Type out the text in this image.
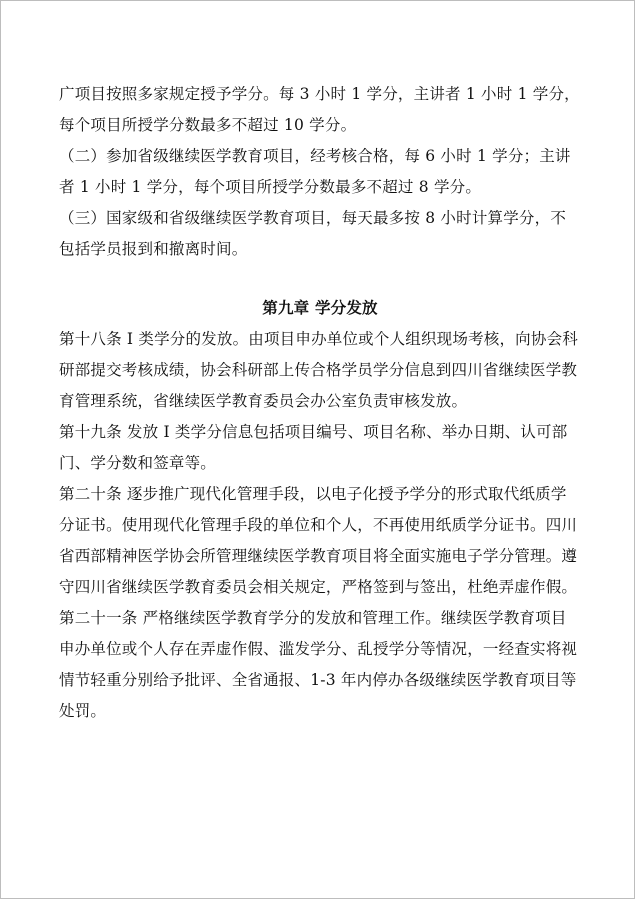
广项目按照多家规定授予学分。每 3 小时 1 学分，主讲者 1 小时 1 学分，每个项目所授学分数最多不超过 10 学分。

（二）参加省级继续医学教育项目，经考核合格，每 6 小时 1 学分；主讲者 1 小时 1 学分，每个项目所授学分数最多不超过 8 学分。

（三）国家级和省级继续医学教育项目，每天最多按 8 小时计算学分，不包括学员报到和撤离时间。

第九章 学分发放

第十八条 I 类学分的发放。由项目申办单位或个人组织现场考核，向协会科研部提交考核成绩，协会科研部上传合格学员学分信息到四川省继续医学教育管理系统，省继续医学教育委员会办公室负责审核发放。

第十九条 发放 I 类学分信息包括项目编号、项目名称、举办日期、认可部门、学分数和签章等。

第二十条 逐步推广现代化管理手段，以电子化授予学分的形式取代纸质学分证书。使用现代化管理手段的单位和个人，不再使用纸质学分证书。四川省西部精神医学协会所管理继续医学教育项目将全面实施电子学分管理。遵守四川省继续医学教育委员会相关规定，严格签到与签出，杜绝弄虚作假。

第二十一条 严格继续医学教育学分的发放和管理工作。继续医学教育项目申办单位或个人存在弄虚作假、滥发学分、乱授学分等情况，一经查实将视情节轻重分别给予批评、全省通报、1-3 年内停办各级继续医学教育项目等处罚。
